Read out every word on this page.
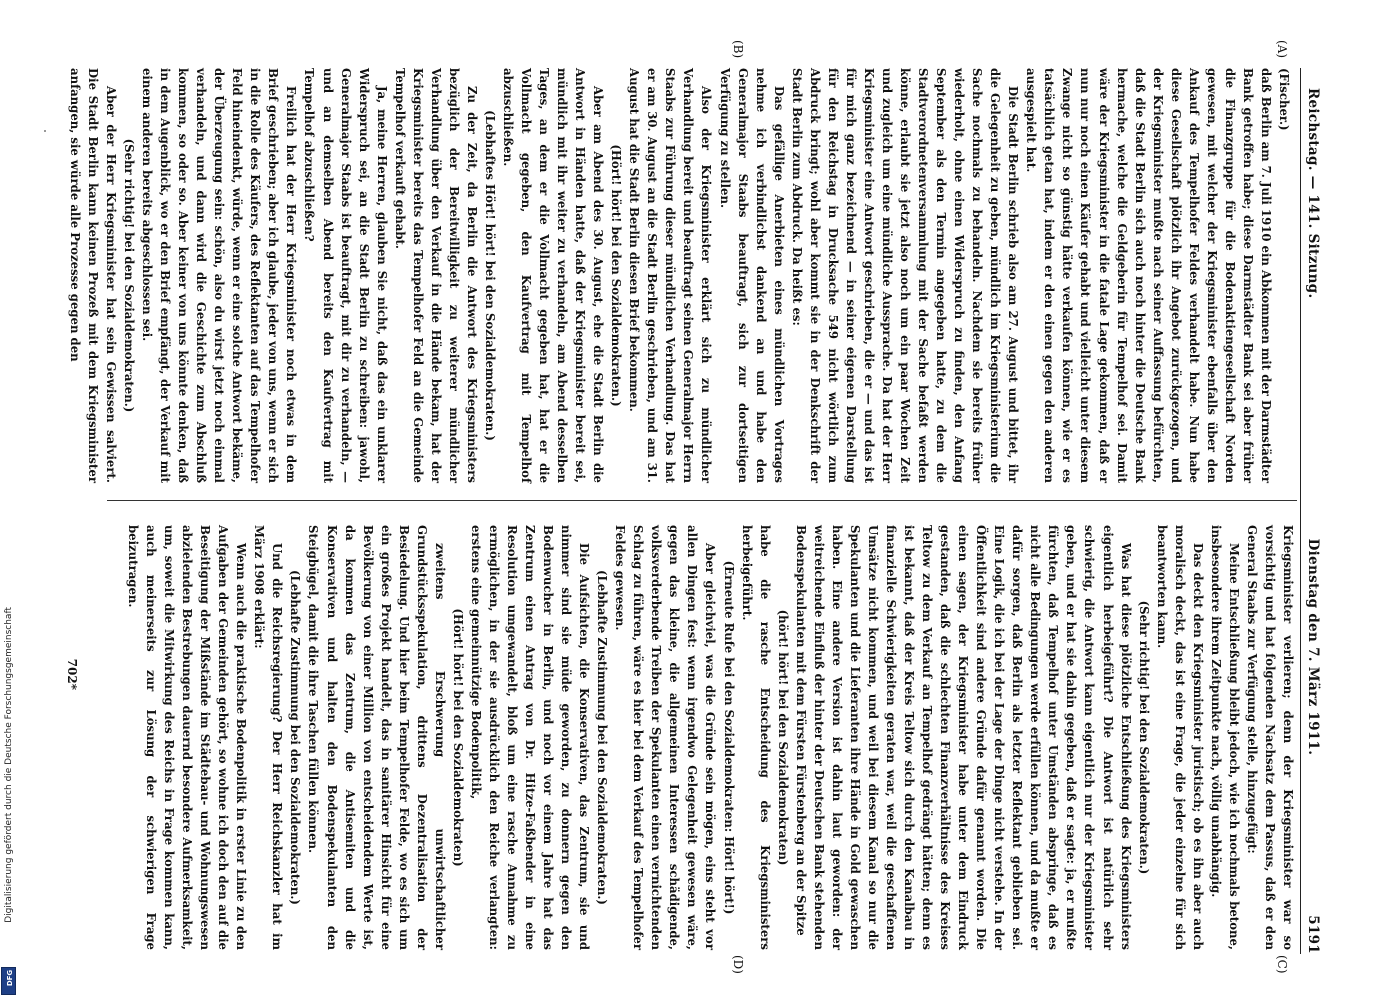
Reichstag. — 141. Sitzung.
Dienstag den 7. März 1911.  5191
(A)
(B)
(C)
(D)

(Fischer.)

daß Berlin am 7. Juli 1910 ein Abkommen mit der Darmstädter Bank getroffen habe; diese Darmstädter Bank sei aber früher die Finanzgruppe für die Bodenaktiengesellschaft Norden gewesen, mit welcher der Kriegsminister ebenfalls über den Ankauf des Tempelhofer Feldes verhandelt habe. Nun habe diese Gesellschaft plötzlich ihr Angebot zurückgezogen, und der Kriegsminister mußte nach seiner Auffassung befürchten, daß die Stadt Berlin sich auch noch hinter die Deutsche Bank hermache, welche die Geldgeberin für Tempelhof sei. Damit wäre der Kriegsminister in die fatale Lage gekommen, daß er nun nur noch einen Käufer gehabt und vielleicht unter diesem Zwange nicht so günstig hätte verkaufen können, wie er es tatsächlich getan hat, indem er den einen gegen den anderen ausgespielt hat.

Die Stadt Berlin schrieb also am 27. August und bittet, ihr die Gelegenheit zu geben, mündlich im Kriegsministerium die Sache nochmals zu behandeln. Nachdem sie bereits früher wiederholt, ohne einen Widerspruch zu finden, den Anfang September als den Termin angegeben hatte, zu dem die Stadtverordnetenversammlung mit der Sache befaßt werden könne, erlaubt sie jetzt also noch um ein paar Wochen Zeit und zugleich um eine mündliche Aussprache. Da hat der Herr Kriegsminister eine Antwort geschrieben, die er — und das ist für mich ganz bezeichnend — in seiner eigenen Darstellung für den Reichstag in Drucksache 549 nicht wörtlich zum Abdruck bringt; wohl aber kommt sie in der Denkschrift der Stadt Berlin zum Abdruck. Da heißt es:

Das gefällige Anerbieten eines mündlichen Vortrages nehme ich verbindlichst dankend an und habe den Generalmajor Staabs beauftragt, sich zur dortseitigen Verfügung zu stellen.

Also der Kriegsminister erklärt sich zu mündlicher Verhandlung bereit und beauftragt seinen Generalmajor Herrn Staabs zur Führung dieser mündlichen Verhandlung. Das hat er am 30. August an die Stadt Berlin geschrieben, und am 31. August hat die Stadt Berlin diesen Brief bekommen.

(Hört! hört! bei den Sozialdemokraten.)

Aber am Abend des 30. August, ehe die Stadt Berlin die Antwort in Händen hatte, daß der Kriegsminister bereit sei, mündlich mit ihr weiter zu verhandeln, am Abend desselben Tages, an dem er die Vollmacht gegeben hat, hat er die Vollmacht gegeben, den Kaufvertrag mit Tempelhof abzuschließen.

(Lebhaftes Hört! hört! bei den Sozialdemokraten.)

Zu der Zeit, da Berlin die Antwort des Kriegsministers bezüglich der Bereitwilligkeit zu weiterer mündlicher Verhandlung über den Verkauf in die Hände bekam, hat der Kriegsminister bereits das Tempelhofer Feld an die Gemeinde Tempelhof verkauft gehabt.

Ja, meine Herren, glauben Sie nicht, daß das ein unklarer Widerspruch sei, an die Stadt Berlin zu schreiben: jawohl, Generalmajor Staabs ist beauftragt, mit dir zu verhandeln, — und an demselben Abend bereits den Kaufvertrag mit Tempelhof abzuschließen?

Freilich hat der Herr Kriegsminister noch etwas in dem Brief geschrieben; aber ich glaube, jeder von uns, wenn er sich in die Rolle des Käufers, des Reflektanten auf das Tempelhofer Feld hineindenkt, würde, wenn er eine solche Antwort bekäme, der Überzeugung sein: schön, also du wirst jetzt noch einmal verhandeln, und dann wird die Geschichte zum Abschluß kommen, so oder so. Aber keiner von uns könnte denken, daß in dem Augenblick, wo er den Brief empfängt, der Verkauf mit einem anderen bereits abgeschlossen sei.

(Sehr richtig! bei den Sozialdemokraten.)

Aber der Herr Kriegsminister hat sein Gewissen salviert. Die Stadt Berlin kann keinen Prozeß mit dem Kriegsminister anfangen, sie würde alle Prozesse gegen den

Kriegsminister verlieren; denn der Kriegsminister war so vorsichtig und hat folgenden Nachsatz dem Passus, daß er den General Staabs zur Verfügung stelle, hinzugefügt:

Meine Entschließung bleibt jedoch, wie ich nochmals betone, insbesondere ihrem Zeitpunkte nach, völlig unabhängig.

Das deckt den Kriegsminister juristisch; ob es ihn aber auch moralisch deckt, das ist eine Frage, die jeder einzelne für sich beantworten kann.

(Sehr richtig! bei den Sozialdemokraten.)

Was hat diese plötzliche Entschließung des Kriegsministers eigentlich herbeigeführt? Die Antwort ist natürlich sehr schwierig, die Antwort kann eigentlich nur der Kriegsminister geben, und er hat sie dahin gegeben, daß er sagte: ja, er mußte fürchten, daß Tempelhof unter Umständen abspringe, daß es nicht alle Bedingungen werde erfüllen können, und da mußte er dafür sorgen, daß Berlin als letzter Reflektant geblieben sei. Eine Logik, die ich bei der Lage der Dinge nicht verstehe. In der Öffentlichkeit sind andere Gründe dafür genannt worden. Die einen sagen, der Kriegsminister habe unter dem Eindruck gestanden, daß die schlechten Finanzverhältnisse des Kreises Teltow zu dem Verkauf an Tempelhof gedrängt hätten; denn es ist bekannt, daß der Kreis Teltow sich durch den Kanalbau in finanzielle Schwierigkeiten geraten war, weil die geschaffenen Umsätze nicht kommen, und weil bei diesem Kanal so nur die Spekulanten und die Lieferanten ihre Hände in Gold gewaschen haben. Eine andere Version ist dahin laut geworden: der weitreichende Einfluß der hinter der Deutschen Bank stehenden Bodenspekulanten mit dem Fürsten Fürstenberg an der Spitze

(hört! hört! bei den Sozialdemokraten)

habe die rasche Entscheidung des Kriegsministers herbeigeführt.

(Erneute Rufe bei den Sozialdemokraten: Hört! hört!)

Aber gleichviel, was die Gründe sein mögen, eins steht vor allen Dingen fest: wenn irgendwo Gelegenheit gewesen wäre, gegen das kleine, die allgemeinen Interessen schädigende, volksverderbende Treiben der Spekulanten einen vernichtenden Schlag zu führen, wäre es hier bei dem Verkauf des Tempelhofer Feldes gewesen.

(Lebhafte Zustimmung bei den Sozialdemokraten.)

Die Aufsichten, die Konservativen, das Zentrum, sie und nimmer sind sie müde geworden, zu donnern gegen den Bodenwucher in Berlin, und noch vor einem Jahre hat das Zentrum einen Antrag von Dr. Hitze-Faßbender in eine Resolution umgewandelt, bloß um eine rasche Annahme zu ermöglichen, in der sie ausdrücklich den Reiche verlangten: erstens eine gemeinnützige Bodenpolitik,

(Hört! hört! bei den Sozialdemokraten)

zweitens Erschwerung unwirtschaftlicher Grundstücksspekulation, drittens Dezentralisation der Besiedelung. Und hier beim Tempelhofer Felde, wo es sich um ein großes Projekt handelt, das in sanitärer Hinsicht für eine Bevölkerung von einer Million von entscheidendem Werte ist, da kommen das Zentrum, die Antisemiten und die Konservativen und halten den Bodenspekulanten den Steigbügel, damit die ihre Taschen füllen können.

(Lebhafte Zustimmung bei den Sozialdemokraten.)

Und die Reichsregierung? Der Herr Reichskanzler hat im März 1908 erklärt:

Wenn auch die praktische Bodenpolitik in erster Linie zu den Aufgaben der Gemeinden gehört, so wohne ich doch den auf die Beseitigung der Mißstände im Städtebau- und Wohnungswesen abzielenden Bestrebungen dauernd besondere Aufmerksamkeit, um, soweit die Mitwirkung des Reichs in Frage kommen kann, auch meinerseits zur Lösung der schwierigen Frage beizutragen.

702*
Digitalisierung gefördert durch die Deutsche Forschungsgemeinschaft
DFG
